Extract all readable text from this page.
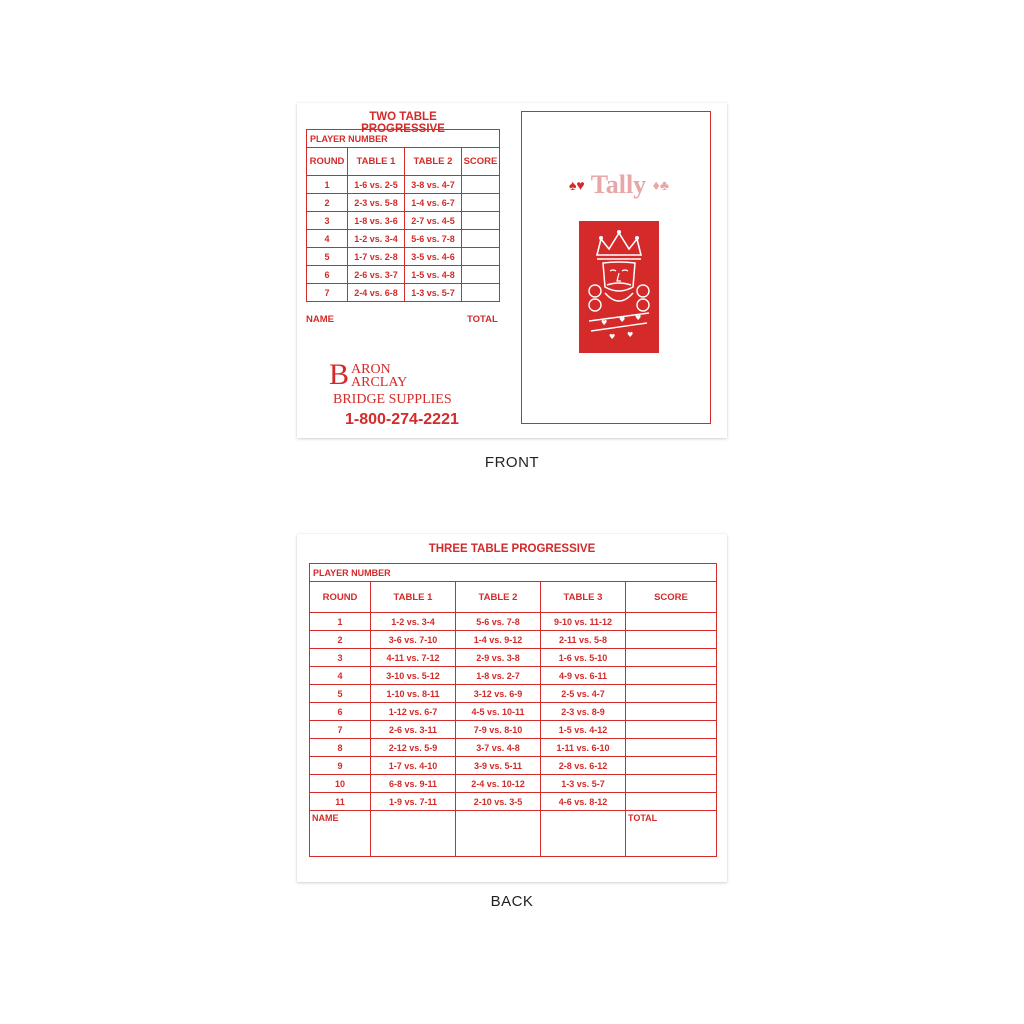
TWO TABLE PROGRESSIVE
PLAYER NUMBER			
ROUND	TABLE 1	TABLE 2	SCORE
1	1-6 vs. 2-5	3-8 vs. 4-7	
2	2-3 vs. 5-8	1-4 vs. 6-7	
3	1-8 vs. 3-6	2-7 vs. 4-5	
4	1-2 vs. 3-4	5-6 vs. 7-8	
5	1-7 vs. 2-8	3-5 vs. 4-6	
6	2-6 vs. 3-7	1-5 vs. 4-8	
7	2-4 vs. 6-8	1-3 vs. 5-7	
NAME	TOTAL
B ARON
ARCLAY
BRIDGE SUPPLIES
1-800-274-2221
♠♥ Tally ♦♣
♥ ♥ ♥
♥ ♥
FRONT
THREE TABLE PROGRESSIVE
PLAYER NUMBER				
ROUND	TABLE 1	TABLE 2	TABLE 3	SCORE
1	1-2 vs. 3-4	5-6 vs. 7-8	9-10 vs. 11-12	
2	3-6 vs. 7-10	1-4 vs. 9-12	2-11 vs. 5-8	
3	4-11 vs. 7-12	2-9 vs. 3-8	1-6 vs. 5-10	
4	3-10 vs. 5-12	1-8 vs. 2-7	4-9 vs. 6-11	
5	1-10 vs. 8-11	3-12 vs. 6-9	2-5 vs. 4-7	
6	1-12 vs. 6-7	4-5 vs. 10-11	2-3 vs. 8-9	
7	2-6 vs. 3-11	7-9 vs. 8-10	1-5 vs. 4-12	
8	2-12 vs. 5-9	3-7 vs. 4-8	1-11 vs. 6-10	
9	1-7 vs. 4-10	3-9 vs. 5-11	2-8 vs. 6-12	
10	6-8 vs. 9-11	2-4 vs. 10-12	1-3 vs. 5-7	
11	1-9 vs. 7-11	2-10 vs. 3-5	4-6 vs. 8-12	
NAME				TOTAL
BACK
